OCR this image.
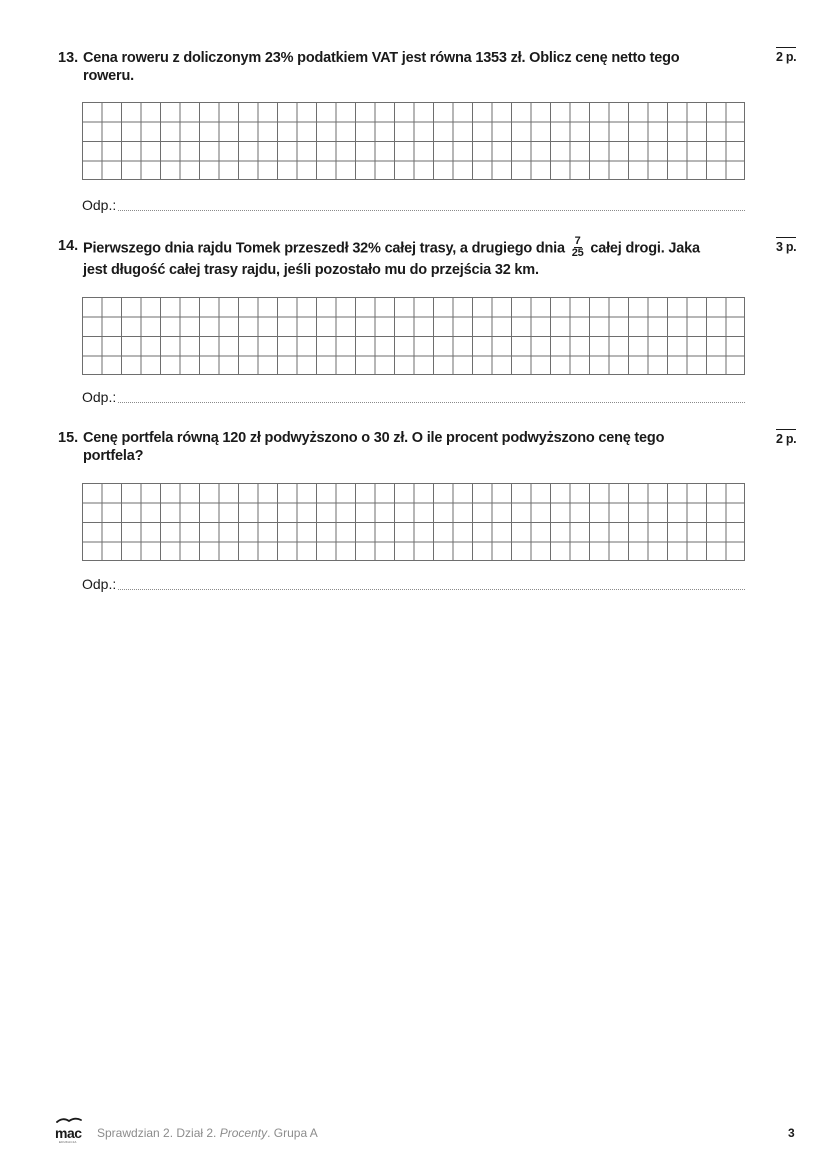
13. Cena roweru z doliczonym 23% podatkiem VAT jest równa 1353 zł. Oblicz cenę netto tego
roweru.
2 p.
Odp.:
14. Pierwszego dnia rajdu Tomek przeszedł 32% całej trasy, a drugiego dnia $\frac{7}{25}$ całej drogi. Jaka
jest długość całej trasy rajdu, jeśli pozostało mu do przejścia 32 km.
3 p.
Odp.:
15. Cenę portfela równą 120 zł podwyższono o 30 zł. O ile procent podwyższono cenę tego
portfela?
2 p.
Odp.:
mac
EDUKACJA
Sprawdzian 2. Dział 2. Procenty. Grupa A	3
